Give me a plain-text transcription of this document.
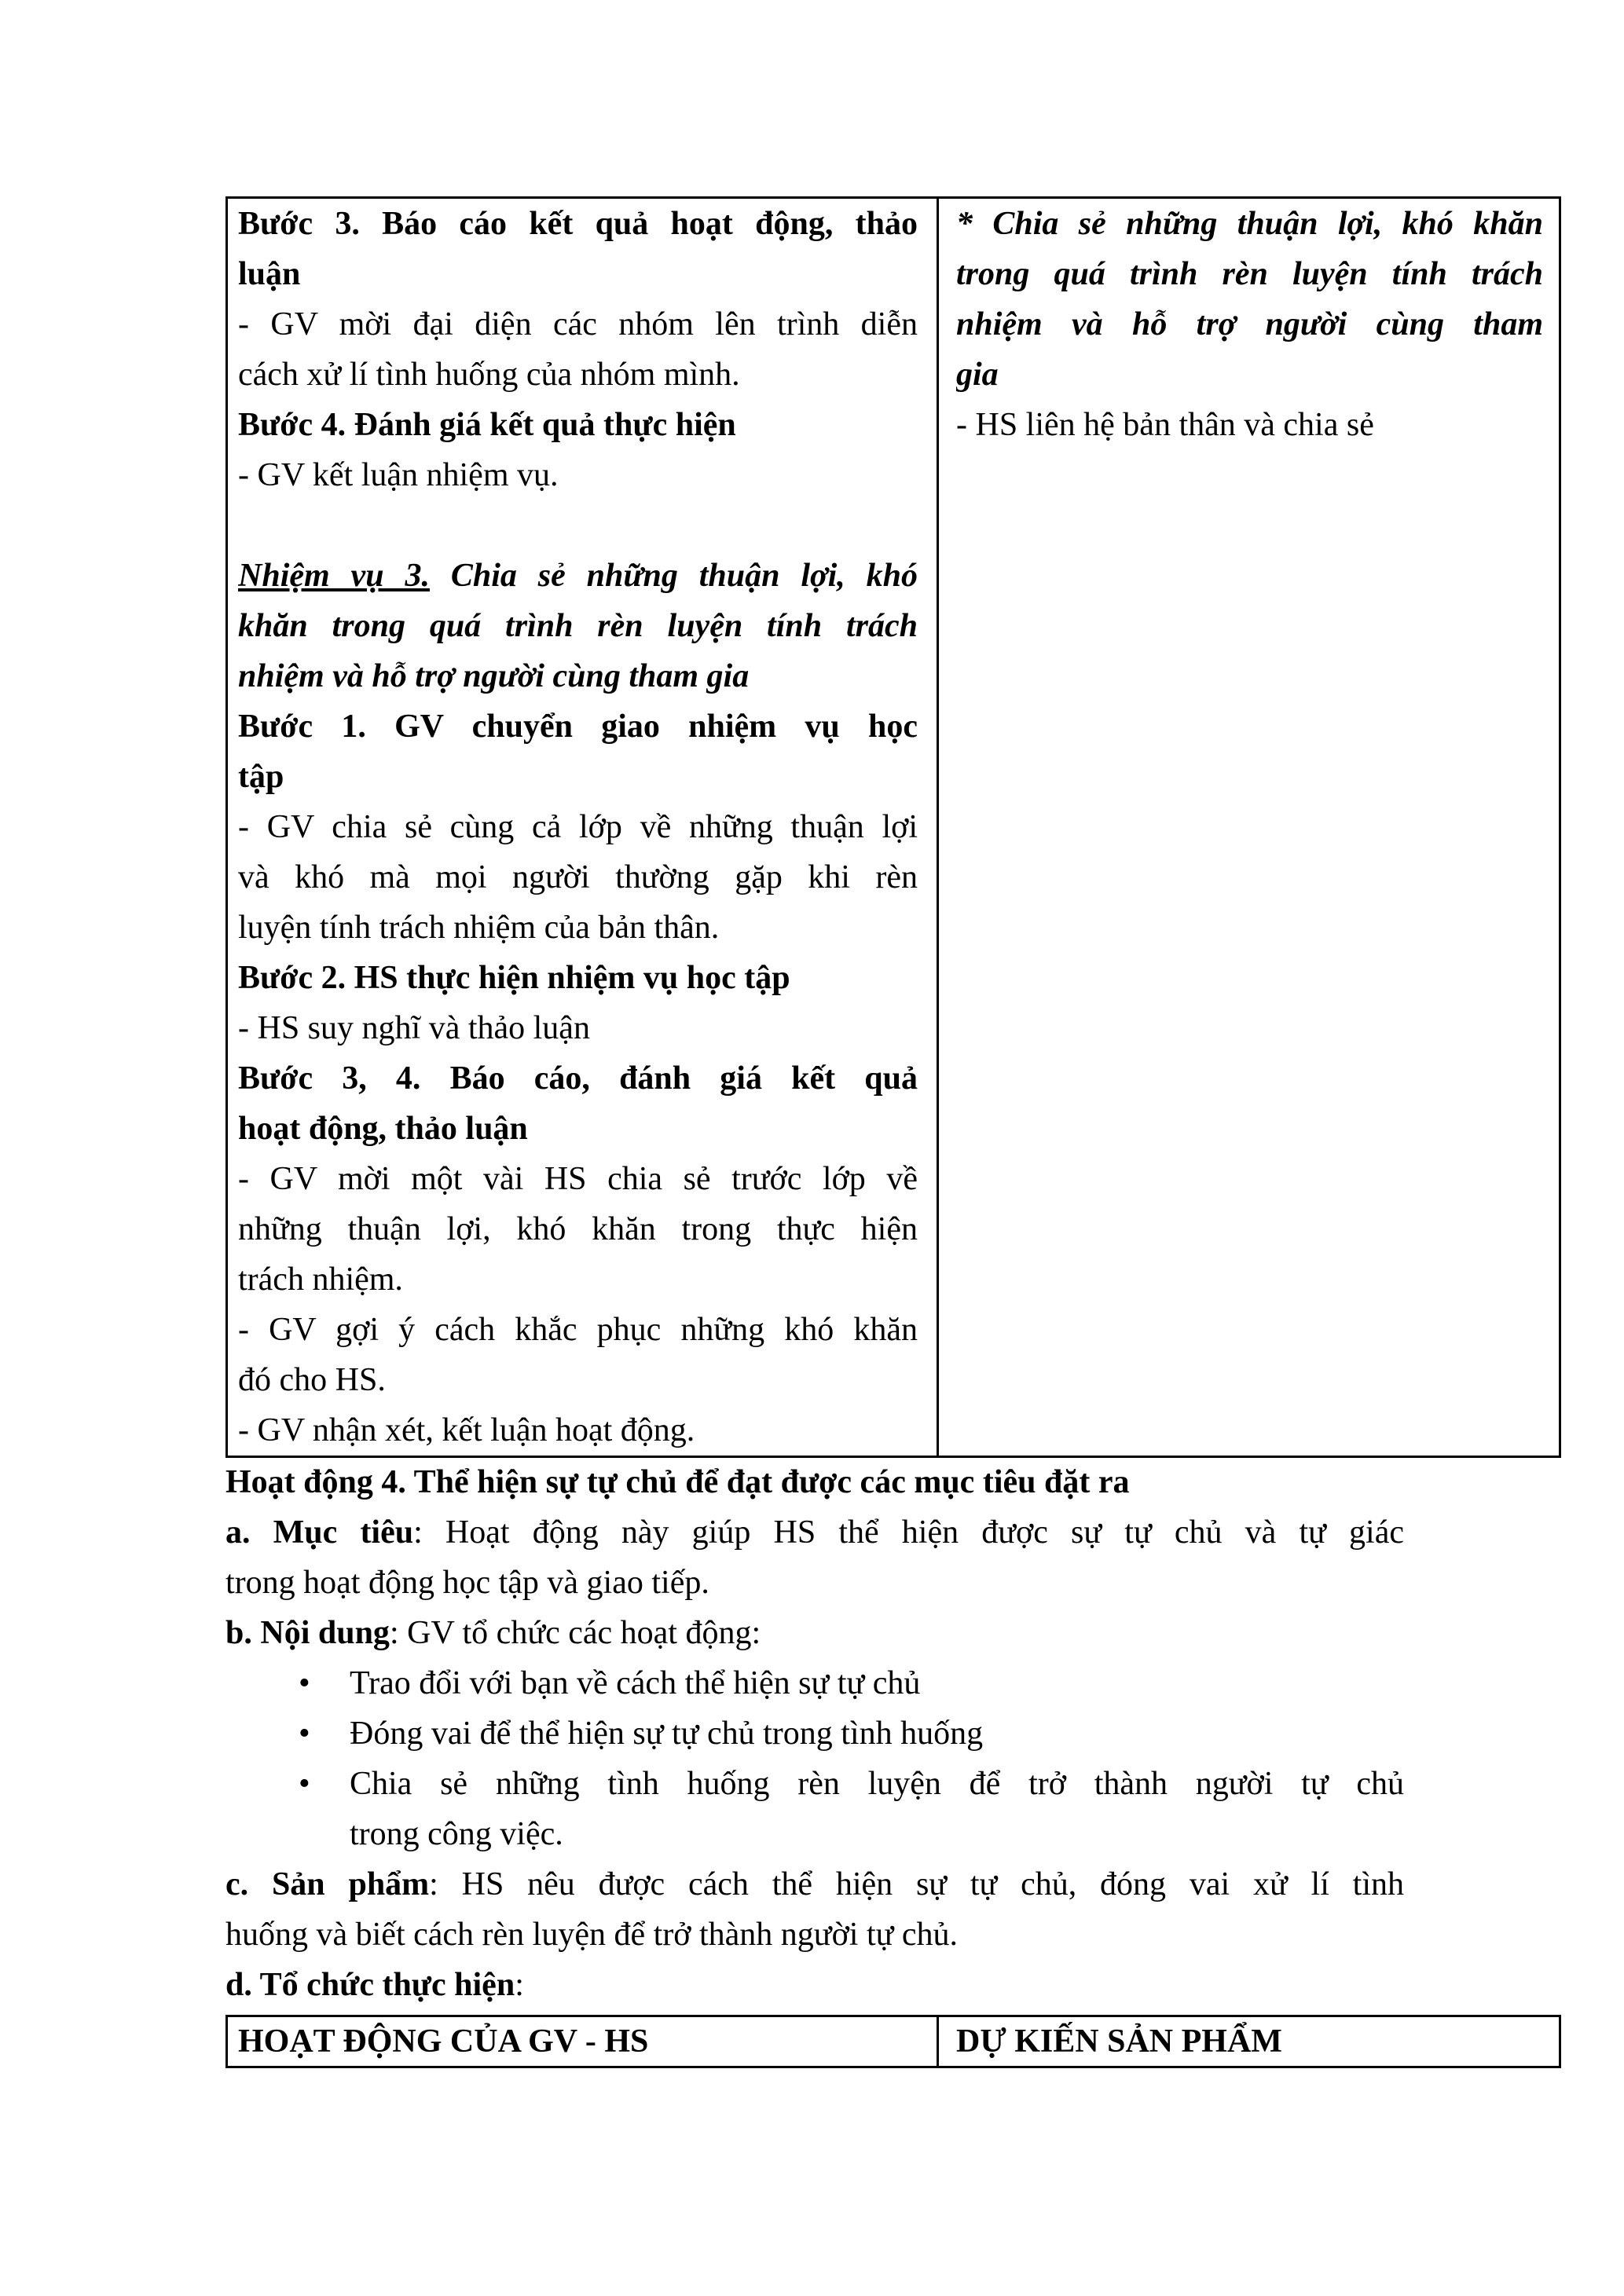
Bước 3. Báo cáo kết quả hoạt động, thảo
luận
- GV mời đại diện các nhóm lên trình diễn
cách xử lí tình huống của nhóm mình.
Bước 4. Đánh giá kết quả thực hiện
- GV kết luận nhiệm vụ.
Nhiệm vụ 3. Chia sẻ những thuận lợi, khó
khăn trong quá trình rèn luyện tính trách
nhiệm và hỗ trợ người cùng tham gia
Bước 1. GV chuyển giao nhiệm vụ học
tập
- GV chia sẻ cùng cả lớp về những thuận lợi
và khó mà mọi người thường gặp khi rèn
luyện tính trách nhiệm của bản thân.
Bước 2. HS thực hiện nhiệm vụ học tập
- HS suy nghĩ và thảo luận
Bước 3, 4. Báo cáo, đánh giá kết quả
hoạt động, thảo luận
- GV mời một vài HS chia sẻ trước lớp về
những thuận lợi, khó khăn trong thực hiện
trách nhiệm.
- GV gợi ý cách khắc phục những khó khăn
đó cho HS.
- GV nhận xét, kết luận hoạt động.
* Chia sẻ những thuận lợi, khó khăn
trong quá trình rèn luyện tính trách
nhiệm và hỗ trợ người cùng tham
gia
- HS liên hệ bản thân và chia sẻ
Hoạt động 4. Thể hiện sự tự chủ để đạt được các mục tiêu đặt ra
a. Mục tiêu: Hoạt động này giúp HS thể hiện được sự tự chủ và tự giác
trong hoạt động học tập và giao tiếp.
b. Nội dung: GV tổ chức các hoạt động:
• Trao đổi với bạn về cách thể hiện sự tự chủ
• Đóng vai để thể hiện sự tự chủ trong tình huống
• Chia sẻ những tình huống rèn luyện để trở thành người tự chủ
trong công việc.
c. Sản phẩm: HS nêu được cách thể hiện sự tự chủ, đóng vai xử lí tình
huống và biết cách rèn luyện để trở thành người tự chủ.
d. Tổ chức thực hiện:
HOẠT ĐỘNG CỦA GV - HS	DỰ KIẾN SẢN PHẨM
